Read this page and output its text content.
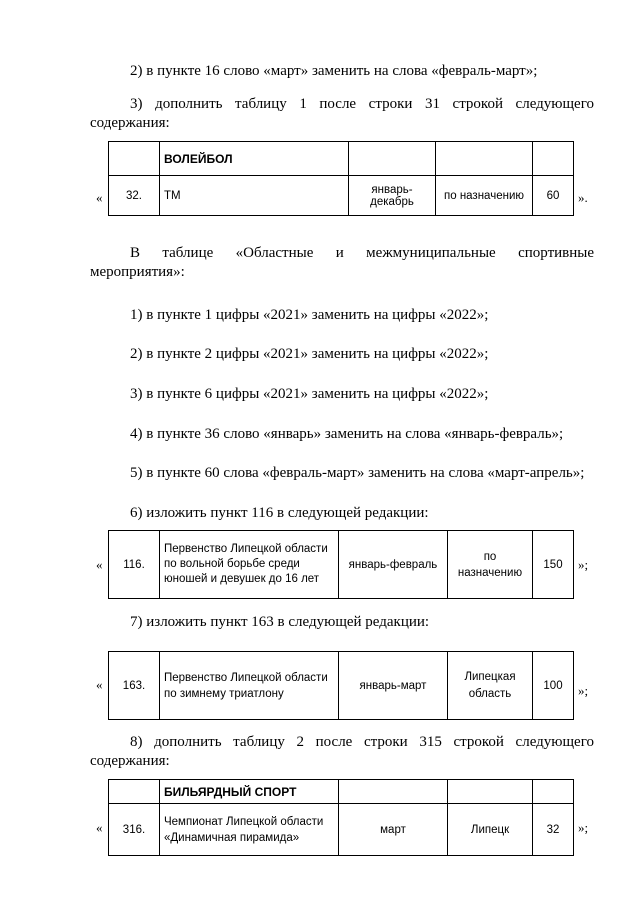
2) в пункте 16 слово «март» заменить на слова «февраль-март»;
3) дополнить таблицу 1 после строки 31 строкой следующего
содержания:
«
	ВОЛЕЙБОЛ			
32.	ТМ	январь-декабрь	по назначению	60 ».
В таблице «Областные и межмуниципальные спортивные
мероприятия»:
1) в пункте 1 цифры «2021» заменить на цифры «2022»;
2) в пункте 2 цифры «2021» заменить на цифры «2022»;
3) в пункте 6 цифры «2021» заменить на цифры «2022»;
4) в пункте 36 слово «январь» заменить на слова «январь-февраль»;
5) в пункте 60 слова «февраль-март» заменить на слова «март-апрель»;
6) изложить пункт 116 в следующей редакции:
« 116.	Первенство Липецкой области по вольной борьбе среди юношей и девушек до 16 лет	январь-февраль	по назначению	150 »;
7) изложить пункт 163 в следующей редакции:
« 163.	Первенство Липецкой области по зимнему триатлону	январь-март	Липецкая область	100 »;
8) дополнить таблицу 2 после строки 315 строкой следующего
содержания:
«
	БИЛЬЯРДНЫЙ СПОРТ			
316.	Чемпионат Липецкой области «Динамичная пирамида»	март	Липецк	32 »;
